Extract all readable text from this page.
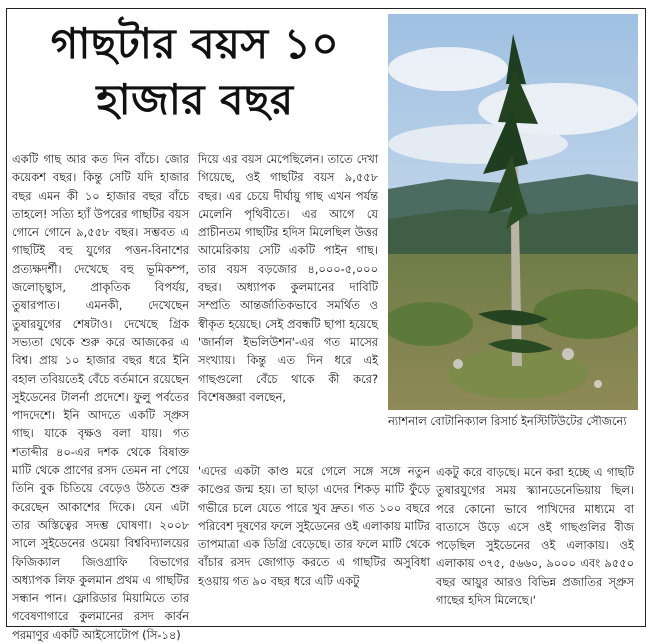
গাছটার বয়স ১০
হাজার বছর
ন্যাশনাল বোটানিক্যাল রিসার্চ ইনস্টিটিউটের সৌজন্যে

একটি গাছ আর কত দিন বাঁচে। জোর কয়েকশ বছর। কিন্তু সেটি যদি হাজার বছর এমন কী ১০ হাজার বছর বাঁচে তাহলে! সত্যি হ্যাঁ উপরের গাছটির বয়স গোনে গোনে ৯,৫৫৮ বছর। সম্ভবত এ গাছটিই বহু যুগের পত্তন-বিনাশের প্রত্যক্ষদর্শী। দেখেছে বহু ভূমিকম্প, জলোচ্ছ্বাস, প্রাকৃতিক বিপর্যয়, তুষারপাত। এমনকী, দেখেছেন তুষারযুগের শেষটাও। দেখেছে গ্রিক সভ্যতা থেকে শুরু করে আজকের এ বিশ্ব। প্রায় ১০ হাজার বছর ধরে ইনি বহাল তবিয়তেই বেঁচে বর্তমানে রয়েছেন সুইডেনের টালর্না প্রদেশে। ফুলু পর্বতের পাদদেশে। ইনি আদতে একটি স্প্রুস গাছ। যাকে বৃক্ষও বলা যায়। গত শতাব্দীর ৪০-এর দশক থেকে বিষাক্ত মাটি থেকে প্রাণের রসদ তেমন না পেয়ে তিনি বুক চিতিয়ে বেড়েও উঠতে শুরু করেছেন আকাশের দিকে। যেন এটা তার অস্তিত্বের সদম্ভ ঘোষণা। ২০০৮ সালে সুইডেনের ওমেয়া বিশ্ববিদ্যালয়ের ফিজিক্যাল জিওগ্রাফি বিভাগের অধ্যাপক লিফ কুলমান প্রথম এ গাছটির সন্ধান পান। ফ্লোরিডার মিয়ামিতে তার গবেষণাগারে কুলমানের রসদ কার্বন পরমাণুর একটি আইসোটোপ (সি-১৪)

দিয়ে এর বয়স মেপেছিলেন। তাতে দেখা গিয়েছে, ওই গাছটির বয়স ৯,৫৫৮ বছর। এর চেয়ে দীর্ঘায়ু গাছ এখন পর্যন্ত মেলেনি পৃথিবীতে। এর আগে যে প্রাচীনতম গাছটির হদিস মিলেছিল উত্তর আমেরিকায় সেটি একটি পাইন গাছ। তার বয়স বড়জোর ৪,০০০-৫,০০০ বছর। অধ্যাপক কুলমানের দাবিটি সম্প্রতি আন্তর্জাতিকভাবে সমর্থিত ও স্বীকৃত হয়েছে। সেই প্রবন্ধটি ছাপা হয়েছে 'জার্নাল ইভলিউশন'-এর গত মাসের সংখ্যায়। কিন্তু এত দিন ধরে এই গাছগুলো বেঁচে থাকে কী করে? বিশেষজ্ঞরা বলছেন,

'এদের একটা কাণ্ড মরে গেলে সঙ্গে সঙ্গে নতুন কাণ্ডের জন্ম হয়। তা ছাড়া এদের শিকড় মাটি ফুঁড়ে গভীরে চলে যেতে পারে খুব দ্রুত। গত ১০০ বছরে পরিবেশ দূষণের ফলে সুইডেনের ওই এলাকায় মাটির তাপমাত্রা এক ডিগ্রি বেড়েছে। তার ফলে মাটি থেকে বাঁচার রসদ জোগাড় করতে এ গাছটির অসুবিধা হওয়ায় গত ৯০ বছর ধরে এটি একটু

একটু করে বাড়ছে। মনে করা হচ্ছে এ গাছটি তুষারযুগের সময় স্ক্যানডেনেভিয়ায় ছিল। পরে কোনো ভাবে পাখিদের মাধ্যমে বা বাতাসে উড়ে এসে ওই গাছগুলির বীজ পড়েছিল সুইডেনের ওই এলাকায়। ওই এলাকায় ৩৭৫, ৫৬৬০, ৯০০০ এবং ৯৫৫০ বছর আয়ুর আরও বিভিন্ন প্রজাতির স্প্রুস গাছের হদিস মিলেছে।'
